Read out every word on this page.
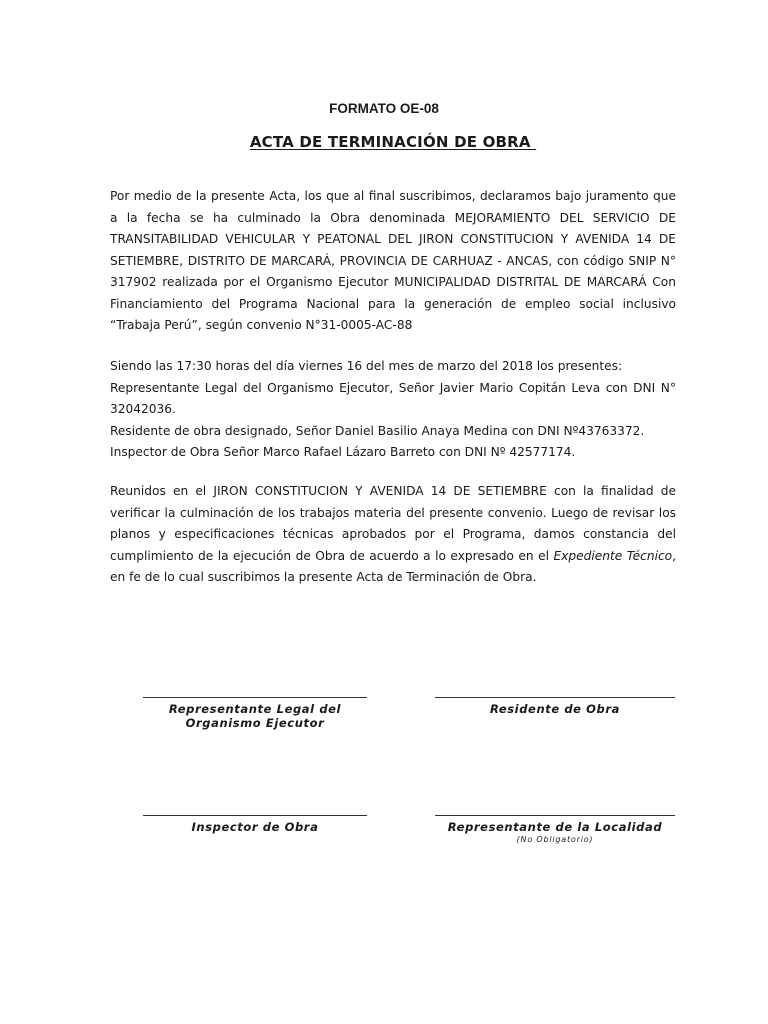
FORMATO OE-08
ACTA DE TERMINACIÓN DE OBRA

Por medio de la presente Acta, los que al final suscribimos, declaramos bajo juramento que a la fecha se ha culminado la Obra denominada MEJORAMIENTO DEL SERVICIO DE TRANSITABILIDAD VEHICULAR Y PEATONAL DEL JIRON CONSTITUCION Y AVENIDA 14 DE SETIEMBRE, DISTRITO DE MARCARÁ, PROVINCIA DE CARHUAZ - ANCAS, con código SNIP N° 317902 realizada por el Organismo Ejecutor MUNICIPALIDAD DISTRITAL DE MARCARÁ Con Financiamiento del Programa Nacional para la generación de empleo social inclusivo “Trabaja Perú”, según convenio N°31-0005-AC-88

Siendo las 17:30 horas del día viernes 16 del mes de marzo del 2018 los presentes:
Representante Legal del Organismo Ejecutor, Señor Javier Mario Copitán Leva con DNI N° 32042036.
Residente de obra designado, Señor Daniel Basilio Anaya Medina con DNI Nº43763372.
Inspector de Obra Señor Marco Rafael Lázaro Barreto con DNI Nº 42577174.

Reunidos en el JIRON CONSTITUCION Y AVENIDA 14 DE SETIEMBRE con la finalidad de verificar la culminación de los trabajos materia del presente convenio. Luego de revisar los planos y especificaciones técnicas aprobados por el Programa, damos constancia del cumplimiento de la ejecución de Obra de acuerdo a lo expresado en el Expediente Técnico, en fe de lo cual suscribimos la presente Acta de Terminación de Obra.

Representante Legal del Organismo Ejecutor
Residente de Obra
Inspector de Obra	Representante de la Localidad
(No Obligatorio)
